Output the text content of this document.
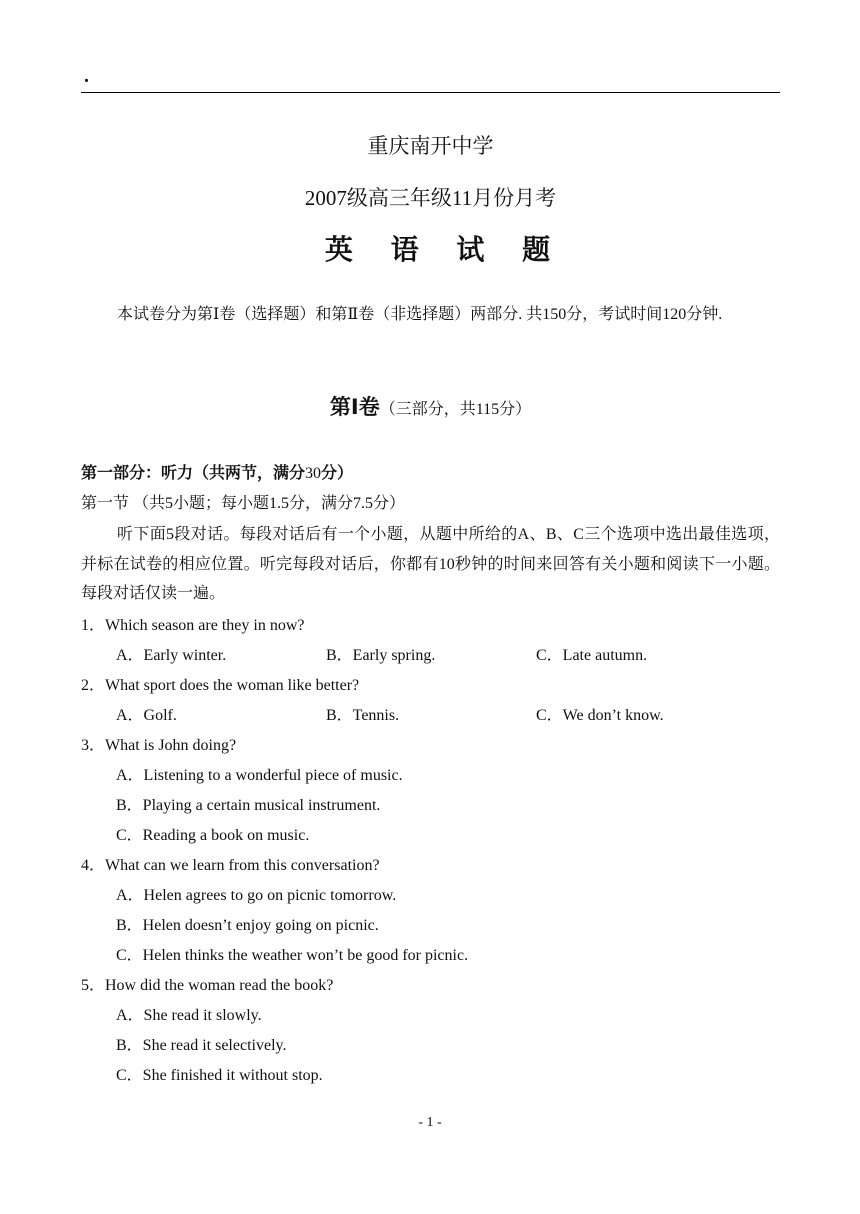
.
重庆南开中学
2007级高三年级11月份月考
英 语 试 题
本试卷分为第Ⅰ卷（选择题）和第Ⅱ卷（非选择题）两部分. 共150分，考试时间120分钟.
第Ⅰ卷（三部分，共115分）
第一部分：听力（共两节，满分30分）
第一节 （共5小题；每小题1.5分，满分7.5分）
听下面5段对话。每段对话后有一个小题，从题中所给的A、B、C三个选项中选出最佳选项，并标在试卷的相应位置。听完每段对话后，你都有10秒钟的时间来回答有关小题和阅读下一小题。每段对话仅读一遍。
1．Which season are they in now?
A．Early winter.	B．Early spring.	C．Late autumn.
2．What sport does the woman like better?
A．Golf.	B．Tennis.	C．We don’t know.
3．What is John doing?
A．Listening to a wonderful piece of music.
B．Playing a certain musical instrument.
C．Reading a book on music.
4．What can we learn from this conversation?
A．Helen agrees to go on picnic tomorrow.
B．Helen doesn’t enjoy going on picnic.
C．Helen thinks the weather won’t be good for picnic.
5．How did the woman read the book?
A．She read it slowly.
B．She read it selectively.
C．She finished it without stop.
- 1 -
